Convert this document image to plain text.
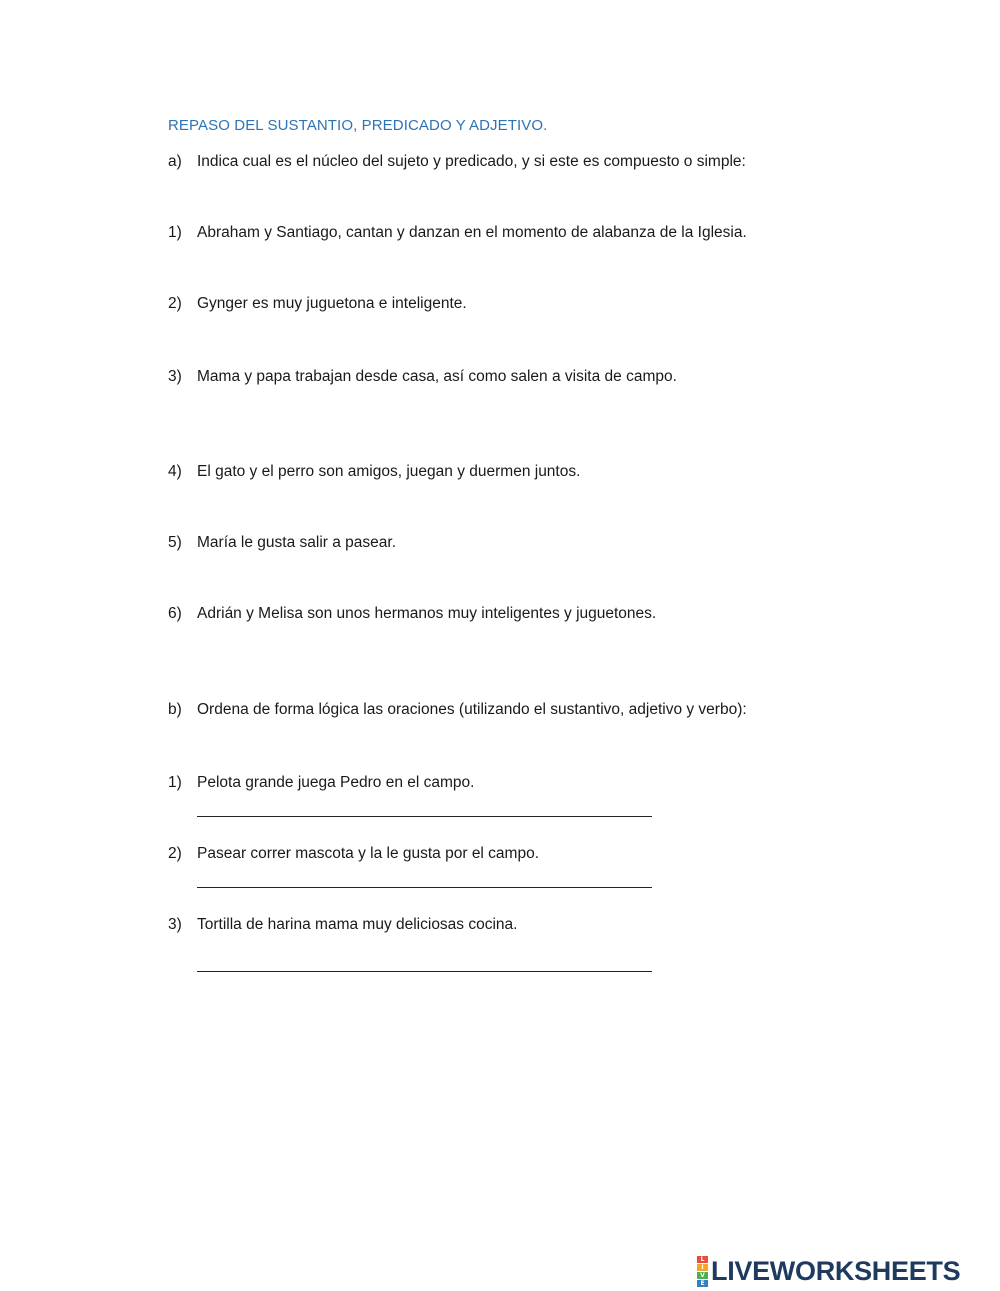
REPASO DEL SUSTANTIO, PREDICADO Y ADJETIVO.
a) Indica cual es el núcleo del sujeto y predicado, y si este es compuesto o simple:
1) Abraham y Santiago, cantan y danzan en el momento de alabanza de la Iglesia.
2) Gynger es muy juguetona e inteligente.
3) Mama y papa trabajan desde casa, así como salen a visita de campo.
4) El gato y el perro son amigos, juegan y duermen juntos.
5) María le gusta salir a pasear.
6) Adrián y Melisa son unos hermanos muy inteligentes y juguetones.
b) Ordena de forma lógica las oraciones (utilizando el sustantivo, adjetivo y verbo):
1) Pelota grande juega Pedro en el campo.
2) Pasear correr mascota y la le gusta por el campo.
3) Tortilla de harina mama muy deliciosas cocina.
L
I
V
E LIVEWORKSHEETS
